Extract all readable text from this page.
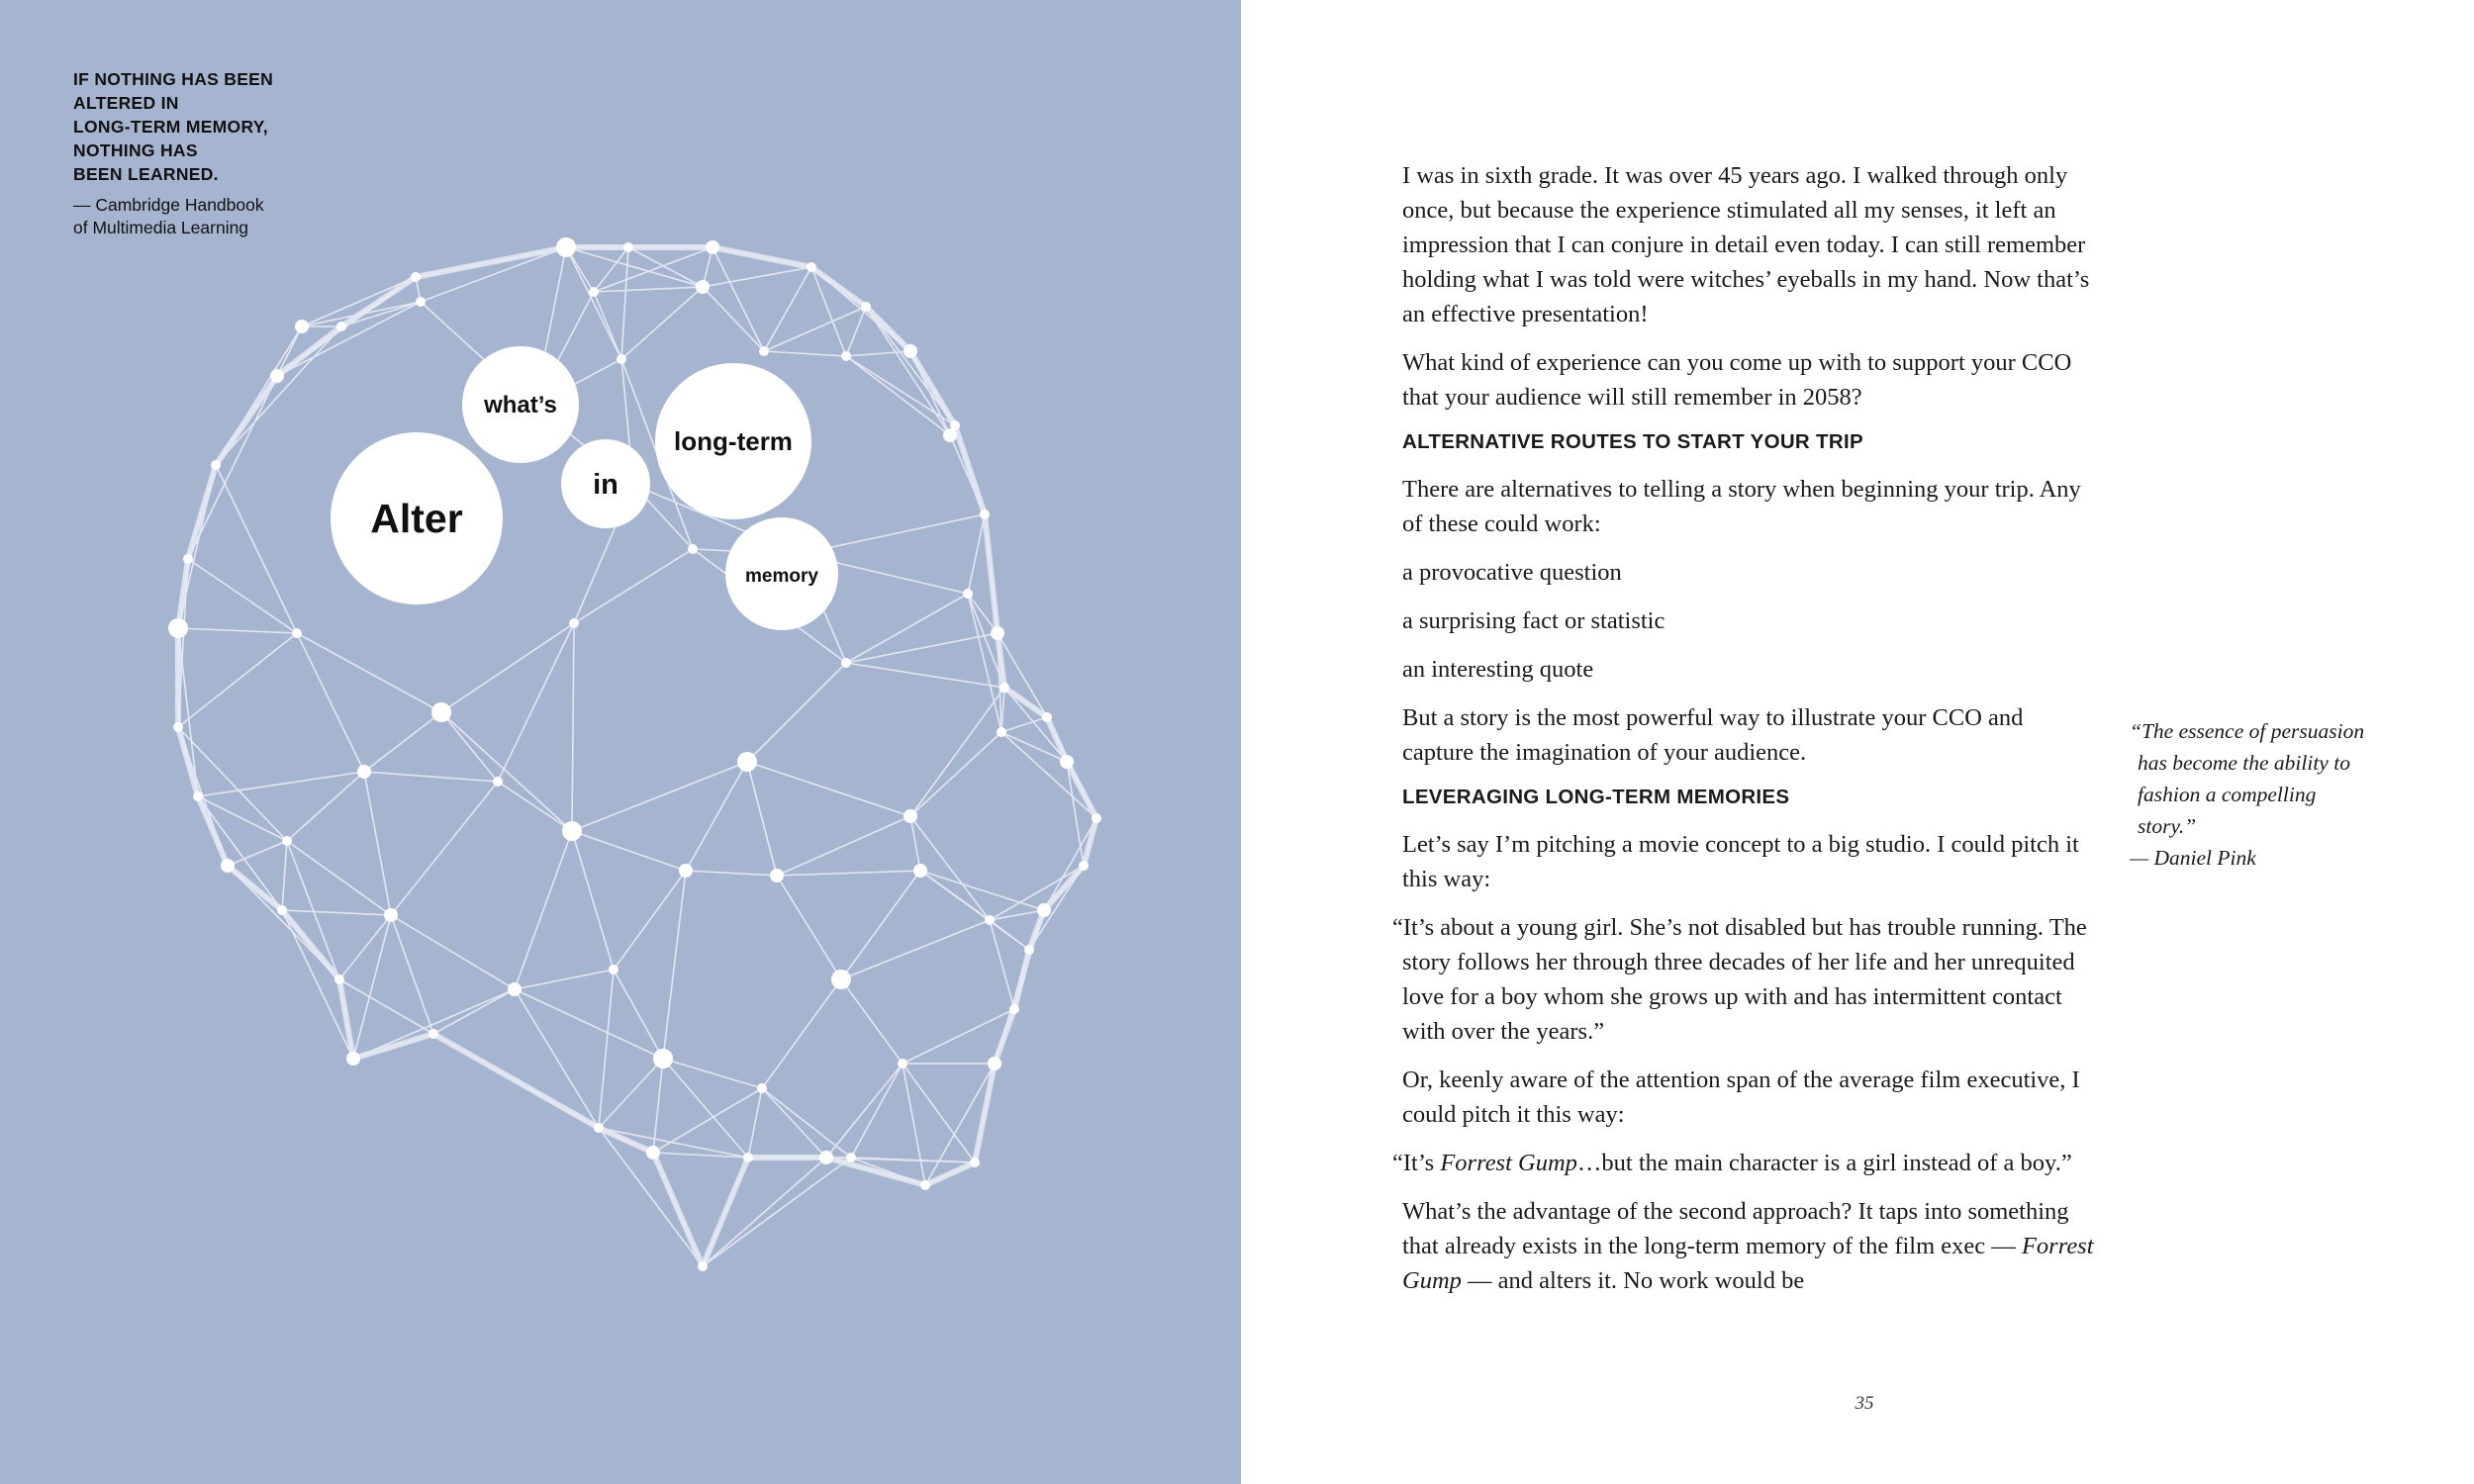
IF NOTHING HAS BEEN
ALTERED IN
LONG-TERM MEMORY,
NOTHING HAS
BEEN LEARNED.

— Cambridge Handbook
of Multimedia Learning
Alter
what’s
in
long-term
memory

I was in sixth grade. It was over 45 years ago. I walked through only once, but because the experience stimulated all my senses, it left an impression that I can conjure in detail even today. I can still remember holding what I was told were witches’ eyeballs in my hand. Now that’s an effective presentation!

What kind of experience can you come up with to support your CCO that your audience will still remember in 2058?

ALTERNATIVE ROUTES TO START YOUR TRIP

There are alternatives to telling a story when beginning your trip. Any of these could work:

a provocative question

a surprising fact or statistic

an interesting quote

But a story is the most powerful way to illustrate your CCO and capture the imagination of your audience.

LEVERAGING LONG-TERM MEMORIES

Let’s say I’m pitching a movie concept to a big studio. I could pitch it this way:

“It’s about a young girl. She’s not disabled but has trouble running. The story follows her through three decades of her life and her unrequited love for a boy whom she grows up with and has intermittent contact with over the years.”

Or, keenly aware of the attention span of the average film executive, I could pitch it this way:

“It’s Forrest Gump…but the main character is a girl instead of a boy.”

What’s the advantage of the second approach? It taps into something that already exists in the long-term memory of the film exec — Forrest Gump — and alters it. No work would be

“The essence of persuasion has become the ability to fashion a compelling story.”

— Daniel Pink

35
